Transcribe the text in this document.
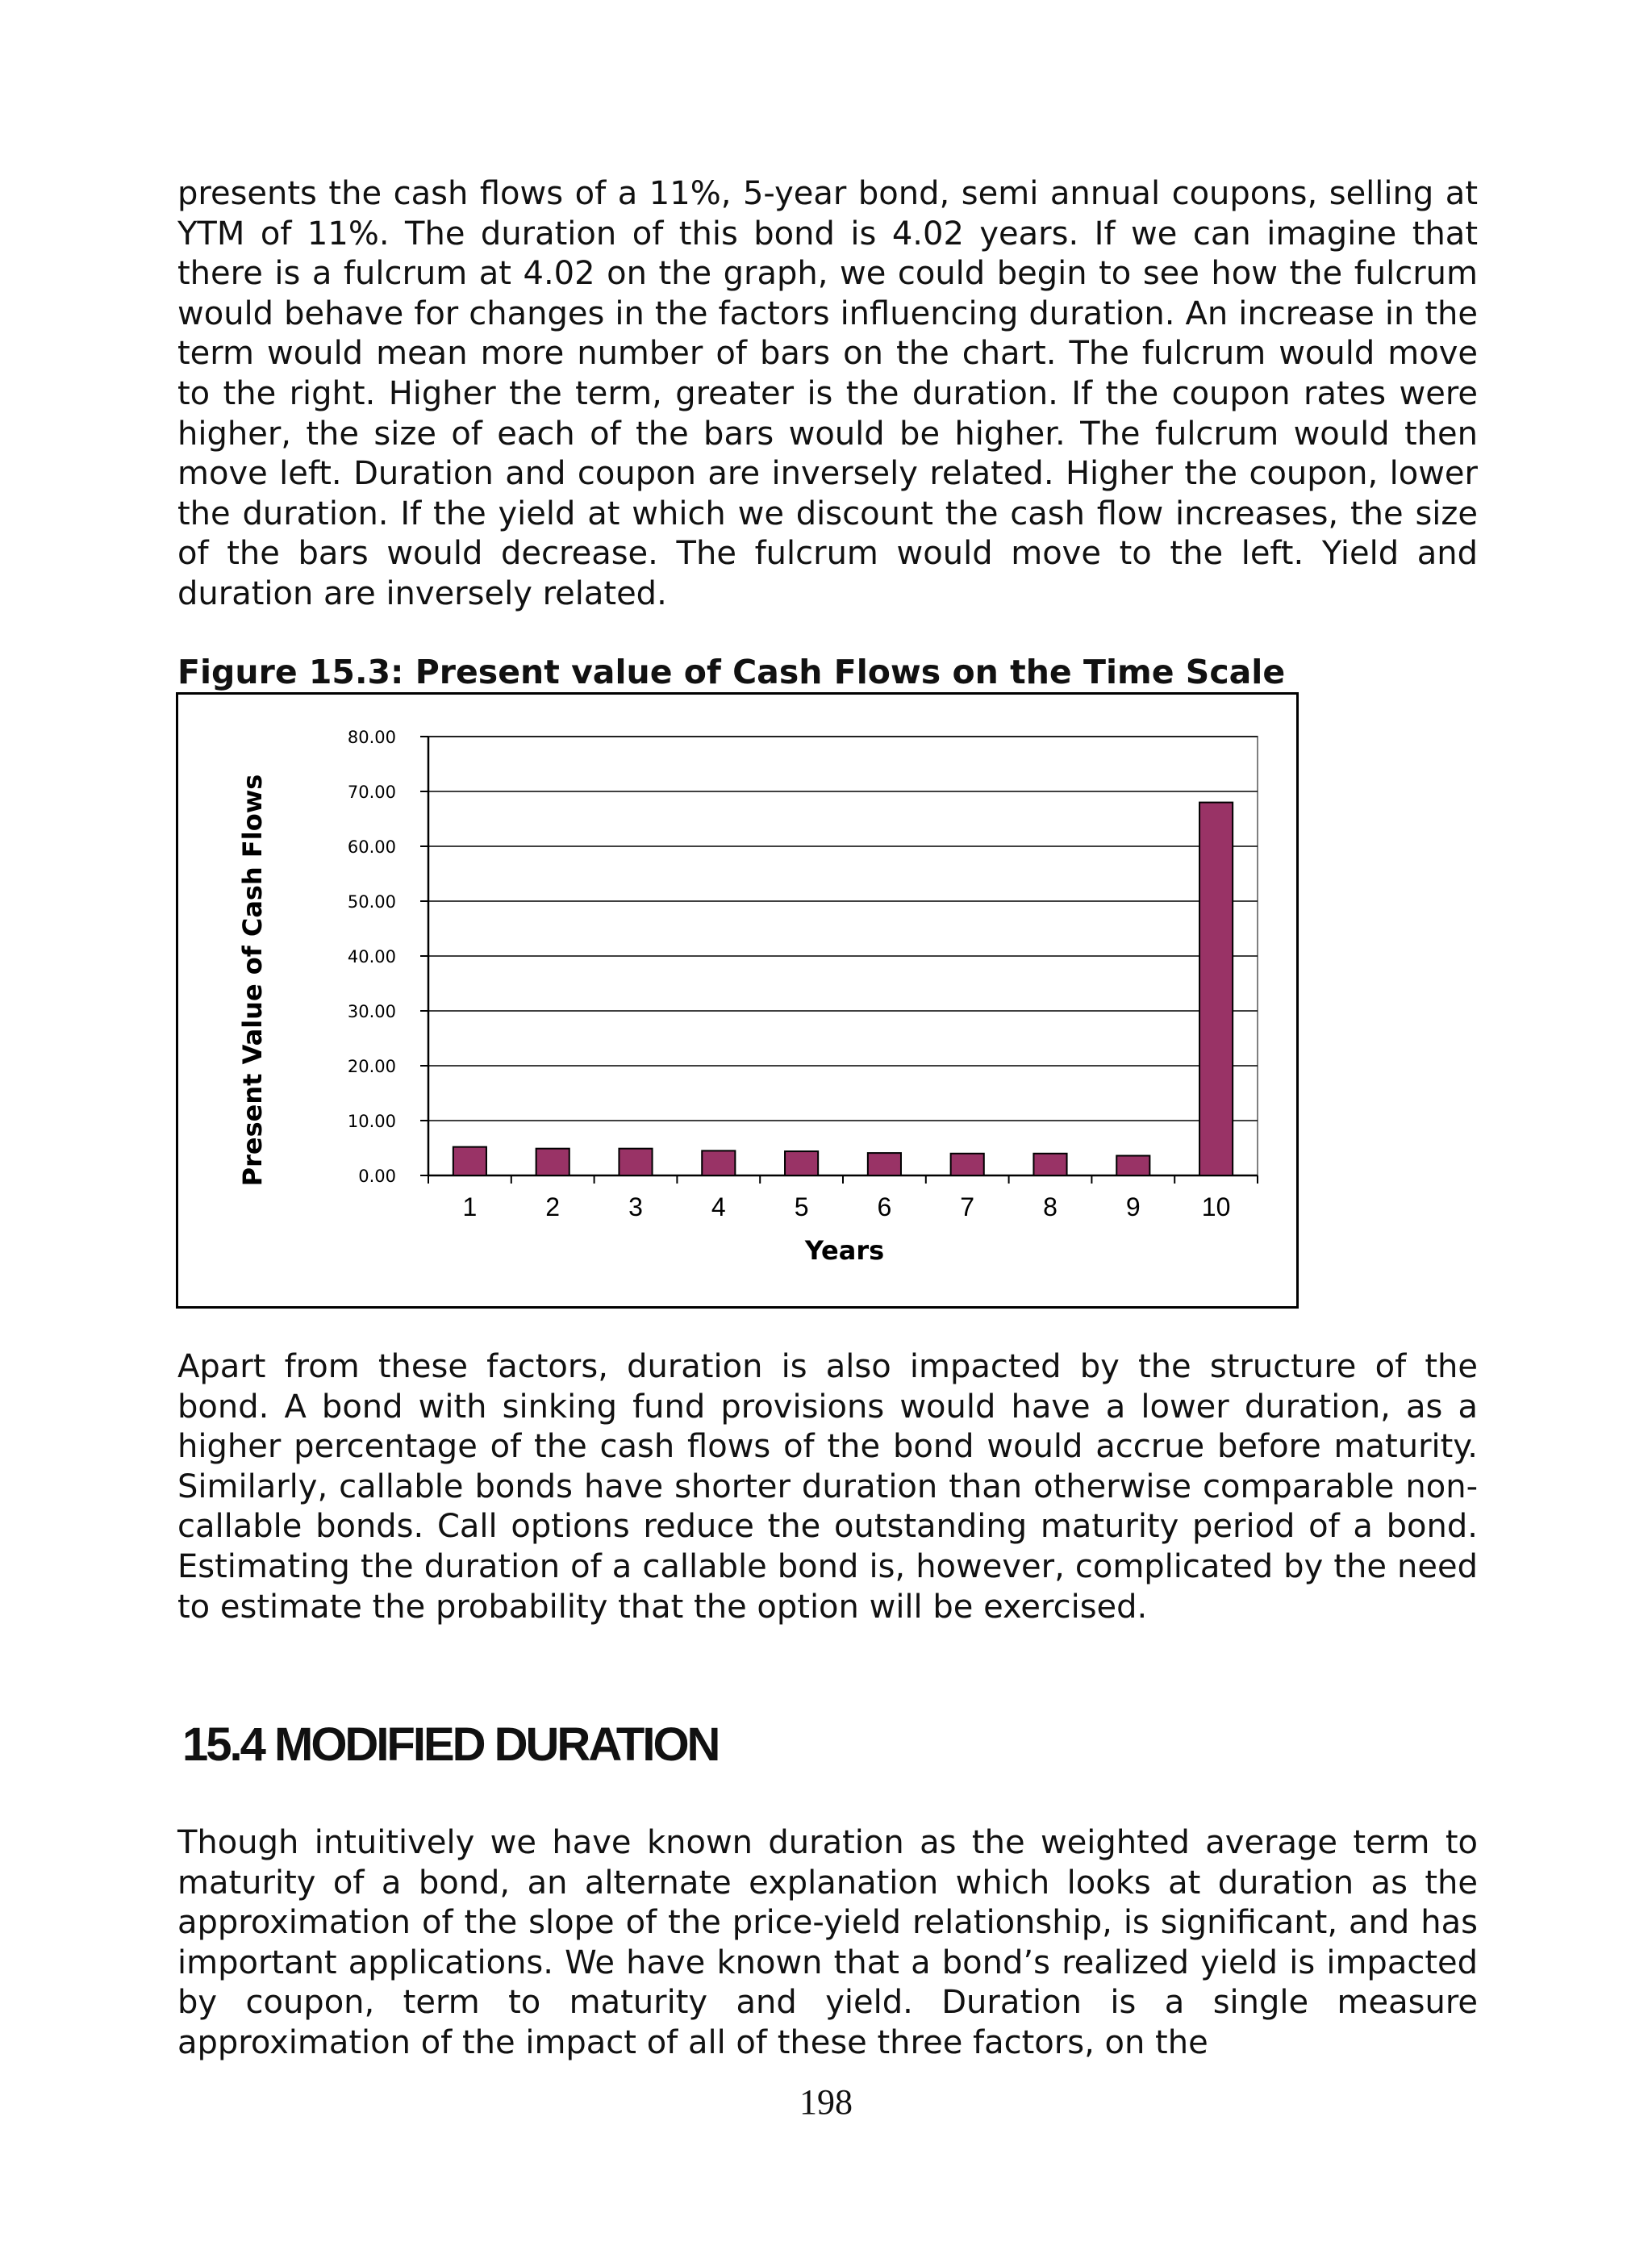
presents the cash flows of a 11%, 5-year bond, semi annual coupons, selling at YTM of 11%. The duration of this bond is 4.02 years. If we can imagine that there is a fulcrum at 4.02 on the graph, we could begin to see how the fulcrum would behave for changes in the factors influencing duration. An increase in the term would mean more number of bars on the chart. The fulcrum would move to the right. Higher the term, greater is the duration. If the coupon rates were higher, the size of each of the bars would be higher. The fulcrum would then move left. Duration and coupon are inversely related. Higher the coupon, lower the duration. If the yield at which we discount the cash flow increases, the size of the bars would decrease. The fulcrum would move to the left. Yield and duration are inversely related.

Figure 15.3: Present value of Cash Flows on the Time Scale
0.00
10.00
20.00
30.00
40.00
50.00
60.00
70.00
80.00
1	2	3	4	5	6	7	8	9 10
Years
Present Value of Cash Flows

Apart from these factors, duration is also impacted by the structure of the bond. A bond with sinking fund provisions would have a lower duration, as a higher percentage of the cash flows of the bond would accrue before maturity. Similarly, callable bonds have shorter duration than otherwise comparable non-callable bonds. Call options reduce the outstanding maturity period of a bond. Estimating the duration of a callable bond is, however, complicated by the need to estimate the probability that the option will be exercised.

15.4 MODIFIED DURATION

Though intuitively we have known duration as the weighted average term to maturity of a bond, an alternate explanation which looks at duration as the approximation of the slope of the price-yield relationship, is significant, and has important applications. We have known that a bond’s realized yield is impacted by coupon, term to maturity and yield. Duration is a single measure approximation of the impact of all of these three factors, on the

198
